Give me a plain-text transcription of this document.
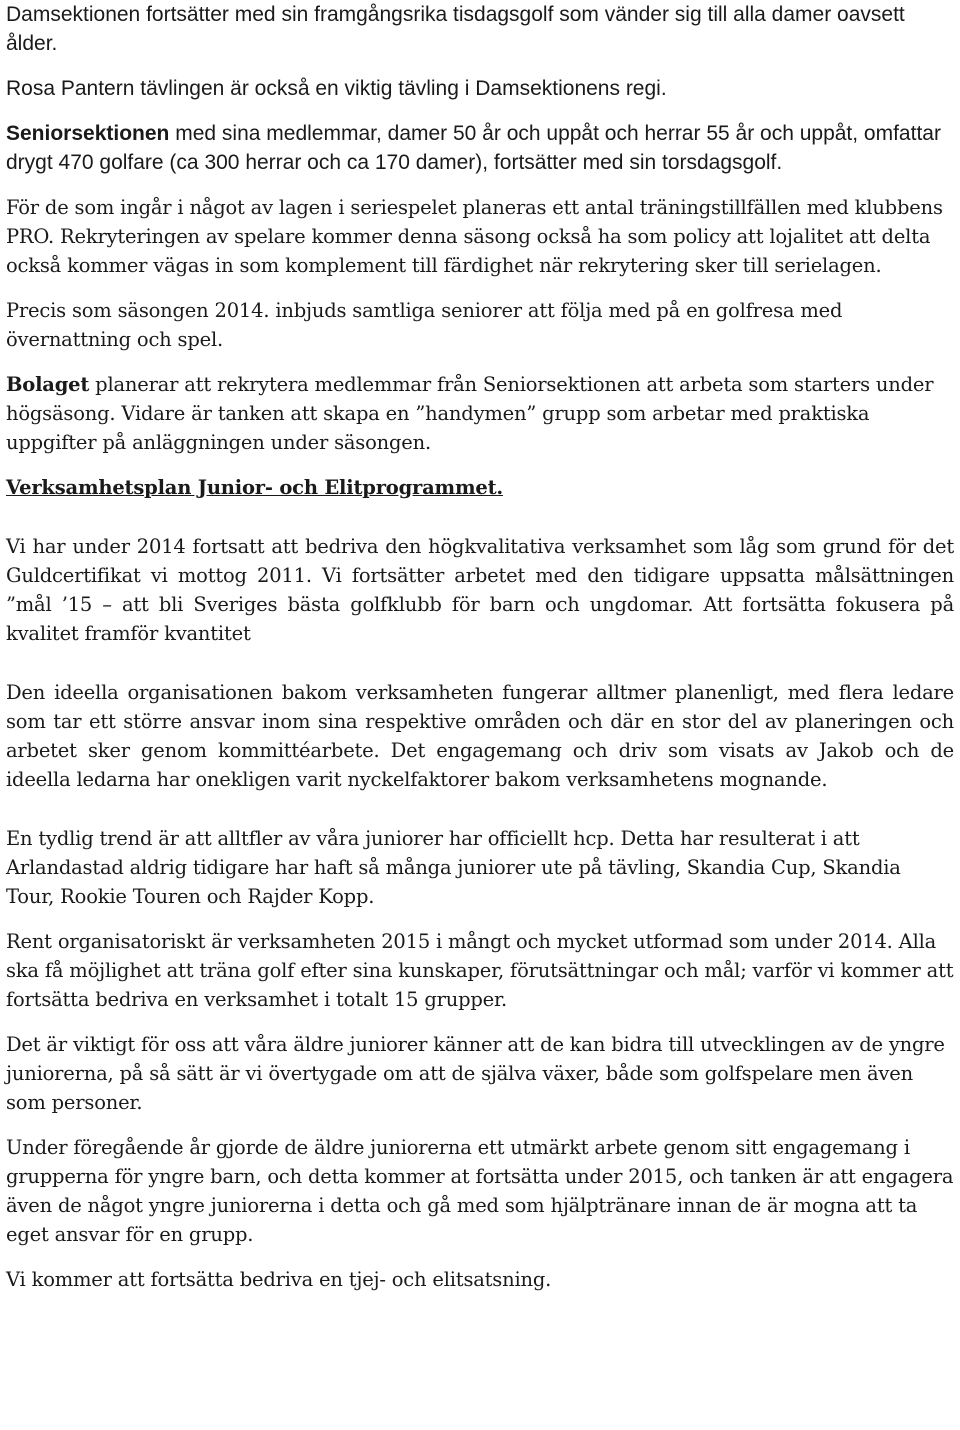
Damsektionen fortsätter med sin framgångsrika tisdagsgolf som vänder sig till alla damer oavsett ålder.

Rosa Pantern tävlingen är också en viktig tävling i Damsektionens regi.

Seniorsektionen med sina medlemmar, damer 50 år och uppåt och herrar 55 år och uppåt, omfattar drygt 470 golfare (ca 300 herrar och ca 170 damer), fortsätter med sin torsdagsgolf.

För de som ingår i något av lagen i seriespelet planeras ett antal träningstillfällen med klubbens PRO. Rekryteringen av spelare kommer denna säsong också ha som policy att lojalitet att delta också kommer vägas in som komplement till färdighet när rekrytering sker till serielagen.

Precis som säsongen 2014. inbjuds samtliga seniorer att följa med på en golfresa med övernattning och spel.

Bolaget planerar att rekrytera medlemmar från Seniorsektionen att arbeta som starters under högsäsong. Vidare är tanken att skapa en ”handymen” grupp som arbetar med praktiska uppgifter på anläggningen under säsongen.

Verksamhetsplan Junior- och Elitprogrammet.

Vi har under 2014 fortsatt att bedriva den högkvalitativa verksamhet som låg som grund för det Guldcertifikat vi mottog 2011. Vi fortsätter arbetet med den tidigare uppsatta målsättningen ”mål ’15 – att bli Sveriges bästa golfklubb för barn och ungdomar. Att fortsätta fokusera på kvalitet framför kvantitet

Den ideella organisationen bakom verksamheten fungerar alltmer planenligt, med flera ledare som tar ett större ansvar inom sina respektive områden och där en stor del av planeringen och arbetet sker genom kommittéarbete. Det engagemang och driv som visats av Jakob och de ideella ledarna har onekligen varit nyckelfaktorer bakom verksamhetens mognande.

En tydlig trend är att alltfler av våra juniorer har officiellt hcp. Detta har resulterat i att Arlandastad aldrig tidigare har haft så många juniorer ute på tävling, Skandia Cup, Skandia Tour, Rookie Touren och Rajder Kopp.

Rent organisatoriskt är verksamheten 2015 i mångt och mycket utformad som under 2014. Alla ska få möjlighet att träna golf efter sina kunskaper, förutsättningar och mål; varför vi kommer att fortsätta bedriva en verksamhet i totalt 15 grupper.

Det är viktigt för oss att våra äldre juniorer känner att de kan bidra till utvecklingen av de yngre juniorerna, på så sätt är vi övertygade om att de själva växer, både som golfspelare men även som personer.

Under föregående år gjorde de äldre juniorerna ett utmärkt arbete genom sitt engagemang i grupperna för yngre barn, och detta kommer at fortsätta under 2015, och tanken är att engagera även de något yngre juniorerna i detta och gå med som hjälptränare innan de är mogna att ta eget ansvar för en grupp.

Vi kommer att fortsätta bedriva en tjej- och elitsatsning.
